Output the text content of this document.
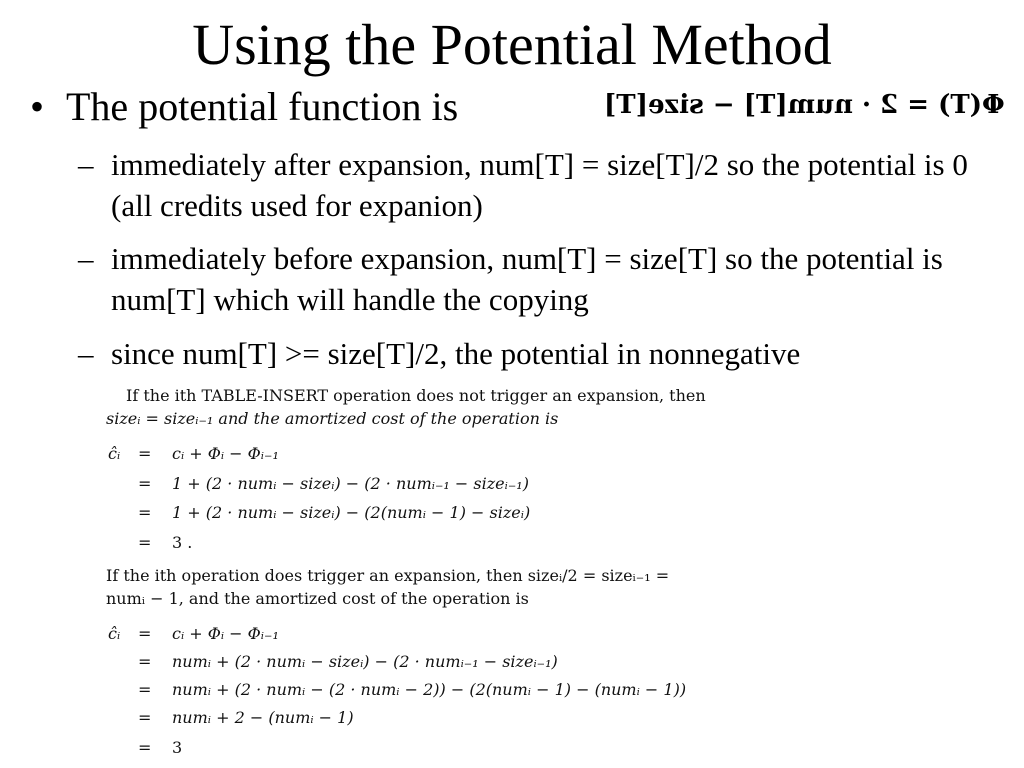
Using the Potential Method
• The potential function is	Φ(T) = 2 · num[T] − size[T]
– immediately after expansion, num[T] = size[T]/2 so the potential is 0 (all credits used for expanion)
– immediately before expansion, num[T] = size[T] so the potential is num[T] which will handle the copying
– since num[T] >= size[T]/2, the potential in nonnegative
If the ith TABLE-INSERT operation does not trigger an expansion, then
sizeᵢ = sizeᵢ₋₁ and the amortized cost of the operation is
ĉᵢ	=	cᵢ + Φᵢ − Φᵢ₋₁
=	1 + (2 · numᵢ − sizeᵢ) − (2 · numᵢ₋₁ − sizeᵢ₋₁)
=	1 + (2 · numᵢ − sizeᵢ) − (2(numᵢ − 1) − sizeᵢ)
=	3 .
If the ith operation does trigger an expansion, then sizeᵢ/2 = sizeᵢ₋₁ =
numᵢ − 1, and the amortized cost of the operation is
ĉᵢ	=	cᵢ + Φᵢ − Φᵢ₋₁
=	numᵢ + (2 · numᵢ − sizeᵢ) − (2 · numᵢ₋₁ − sizeᵢ₋₁)
=	numᵢ + (2 · numᵢ − (2 · numᵢ − 2)) − (2(numᵢ − 1) − (numᵢ − 1))
=	numᵢ + 2 − (numᵢ − 1)
=	3
